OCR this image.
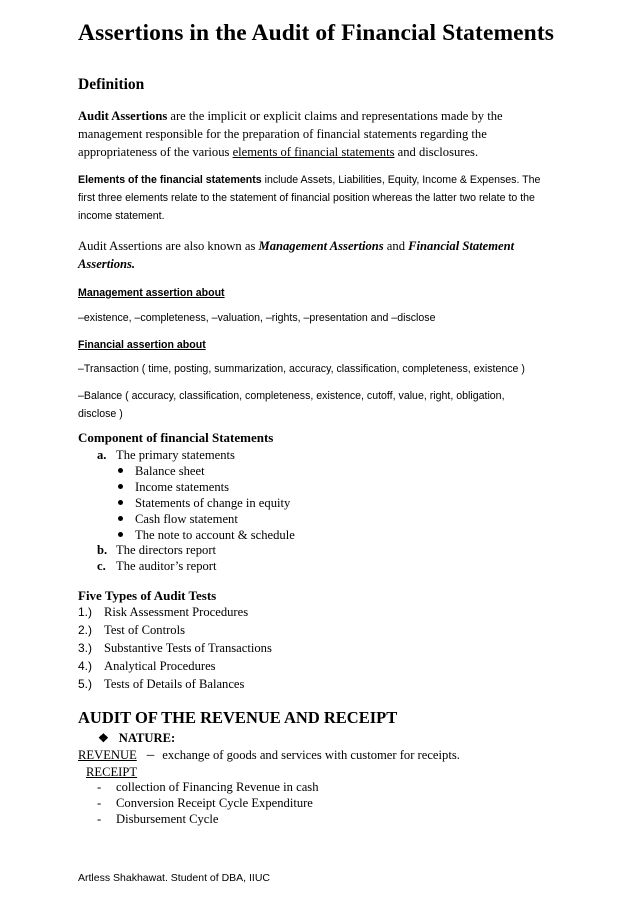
Assertions in the Audit of Financial Statements
Definition
Audit Assertions are the implicit or explicit claims and representations made by the
management responsible for the preparation of financial statements regarding the
appropriateness of the various elements of financial statements and disclosures.
Elements of the financial statements include Assets, Liabilities, Equity, Income & Expenses. The
first three elements relate to the statement of financial position whereas the latter two relate to the
income statement.
Audit Assertions are also known as Management Assertions and Financial Statement
Assertions.
Management assertion about
–existence, –completeness, –valuation, –rights, –presentation and –disclose
Financial assertion about
–Transaction ( time, posting, summarization, accuracy, classification, completeness, existence )
–Balance ( accuracy, classification, completeness, existence, cutoff, value, right, obligation,
disclose )
Component of financial Statements
a. The primary statements
Balance sheet
Income statements
Statements of change in equity
Cash flow statement
The note to account & schedule
b. The directors report
c. The auditor’s report
Five Types of Audit Tests
1.) Risk Assessment Procedures
2.) Test of Controls
3.) Substantive Tests of Transactions
4.) Analytical Procedures
5.) Tests of Details of Balances
AUDIT OF THE REVENUE AND RECEIPT
❖ NATURE:
REVENUE – exchange of goods and services with customer for receipts.
RECEIPT
- collection of Financing Revenue in cash
- Conversion Receipt Cycle Expenditure
- Disbursement Cycle
Artless Shakhawat. Student of DBA, IIUC
